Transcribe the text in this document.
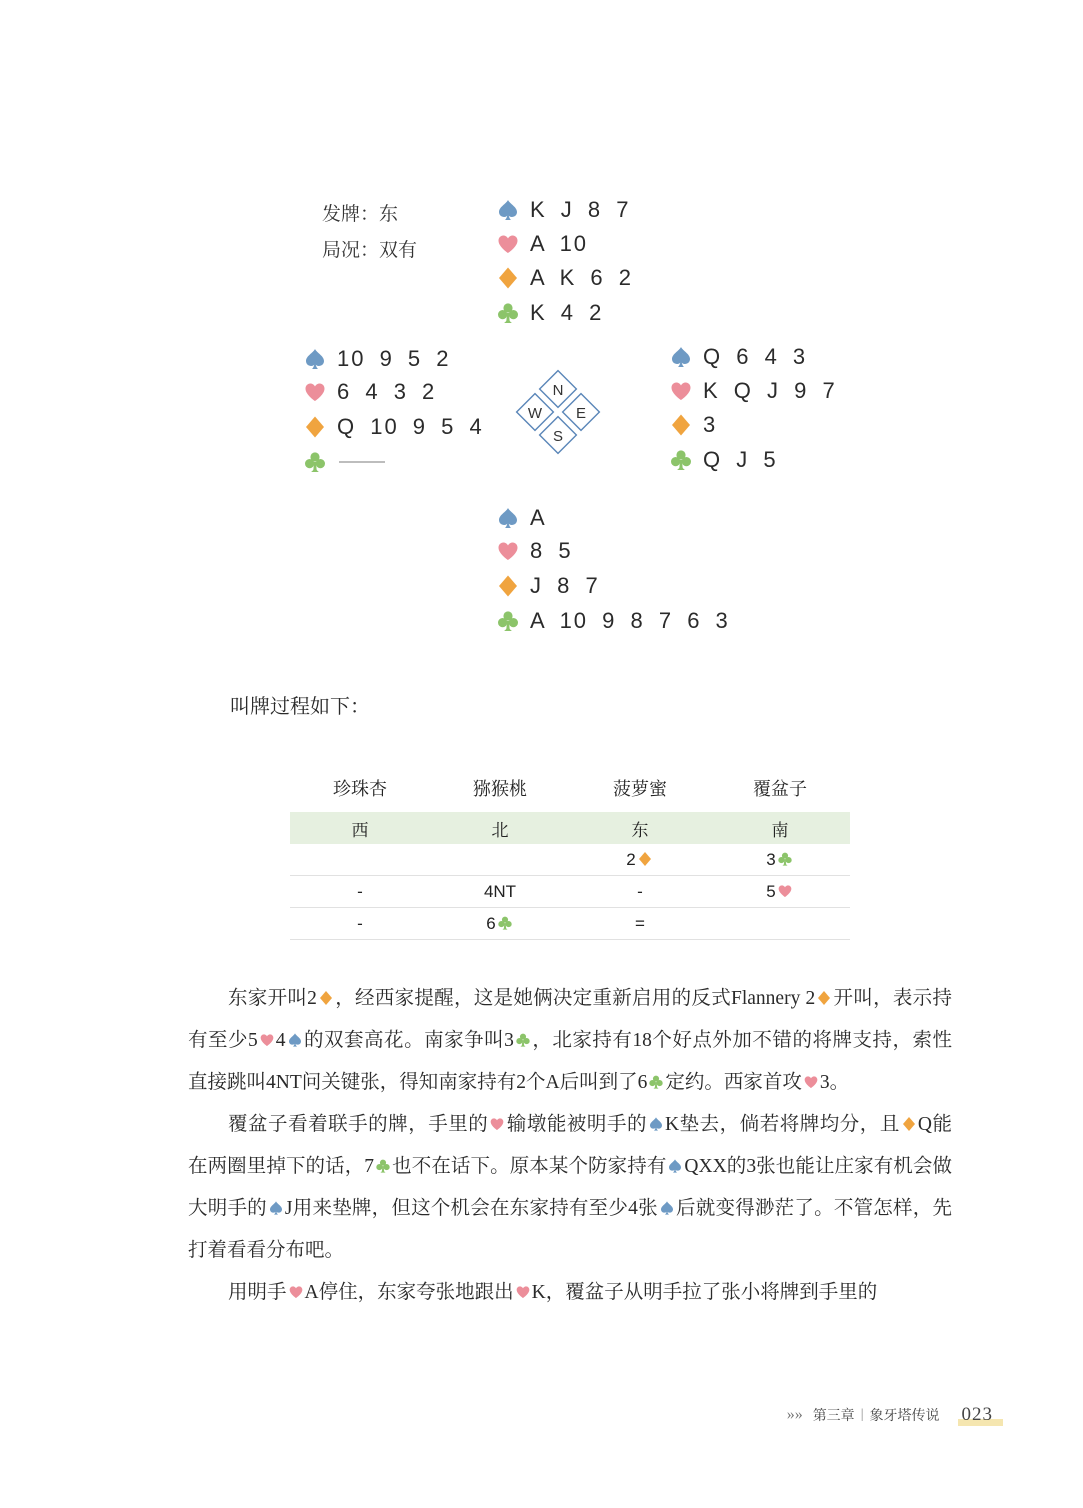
发牌：东
局况：双有
K J 8 7
A 10
A K 6 2
K 4 2
10 9 5 2
6 4 3 2
Q 10 9 5 4
N
W E
S
Q 6 4 3
K Q J 9 7
3
Q J 5
A
8 5
J 8 7
A 10 9 8 7 6 3
叫牌过程如下：
珍珠杏	猕猴桃	菠萝蜜	覆盆子
西	北	东	南
		2	3

-	4NT	-	5

-	6	=	

东家开叫2 ，经西家提醒，这是她俩决定重新启用的反式Flannery 2 开叫，表示持有至少5 4 的双套高花。南家争叫3 ，北家持有18个好点外加不错的将牌支持，索性直接跳叫4NT问关键张，得知南家持有2个A后叫到了6 定约。西家首攻 3。

覆盆子看着联手的牌，手里的 输墩能被明手的 K垫去，倘若将牌均分，且 Q能在两圈里掉下的话，7 也不在话下。原本某个防家持有 QXX的3张也能让庄家有机会做大明手的 J用来垫牌，但这个机会在东家持有至少4张 后就变得渺茫了。不管怎样，先打着看看分布吧。

用明手 A停住，东家夸张地跟出 K，覆盆子从明手拉了张小将牌到手里的

»» 第三章 | 象牙塔传说 023
